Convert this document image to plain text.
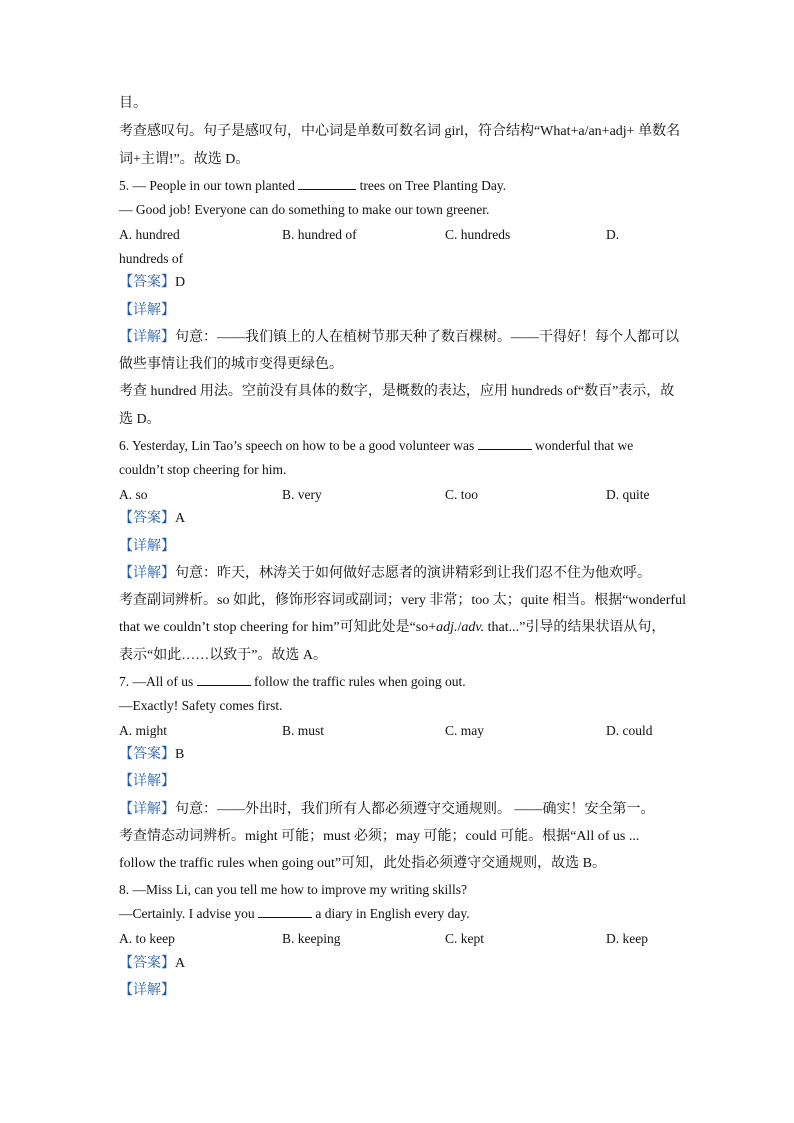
目。
考查感叹句。句子是感叹句，中心词是单数可数名词 girl，符合结构“What+a/an+adj+ 单数名
词+主谓!”。故选 D。
5. — People in our town planted	trees on Tree Planting Day.
— Good job! Everyone can do something to make our town greener.
A. hundred	B. hundred of	C. hundreds	D.
hundreds of
【答案】D
【详解】
【详解】句意：——我们镇上的人在植树节那天种了数百棵树。——干得好！每个人都可以
做些事情让我们的城市变得更绿色。
考查 hundred 用法。空前没有具体的数字，是概数的表达，应用 hundreds of“数百”表示，故
选 D。
6. Yesterday, Lin Tao’s speech on how to be a good volunteer was	wonderful that we
couldn’t stop cheering for him.
A. so	B. very	C. too	D. quite
【答案】A
【详解】
【详解】句意：昨天，林涛关于如何做好志愿者的演讲精彩到让我们忍不住为他欢呼。
考查副词辨析。so 如此，修饰形容词或副词；very 非常；too 太；quite 相当。根据“wonderful
that we couldn’t stop cheering for him”可知此处是“so+adj./adv. that...”引导的结果状语从句，
表示“如此……以致于”。故选 A。
7. —All of us	follow the traffic rules when going out.
—Exactly! Safety comes first.
A. might	B. must	C. may	D. could
【答案】B
【详解】
【详解】句意：——外出时，我们所有人都必须遵守交通规则。 ——确实！安全第一。
考查情态动词辨析。might 可能；must 必须；may 可能；could 可能。根据“All of us ...
follow the traffic rules when going out”可知，此处指必须遵守交通规则，故选 B。
8. —Miss Li, can you tell me how to improve my writing skills?
—Certainly. I advise you	a diary in English every day.
A. to keep	B. keeping	C. kept	D. keep
【答案】A
【详解】
